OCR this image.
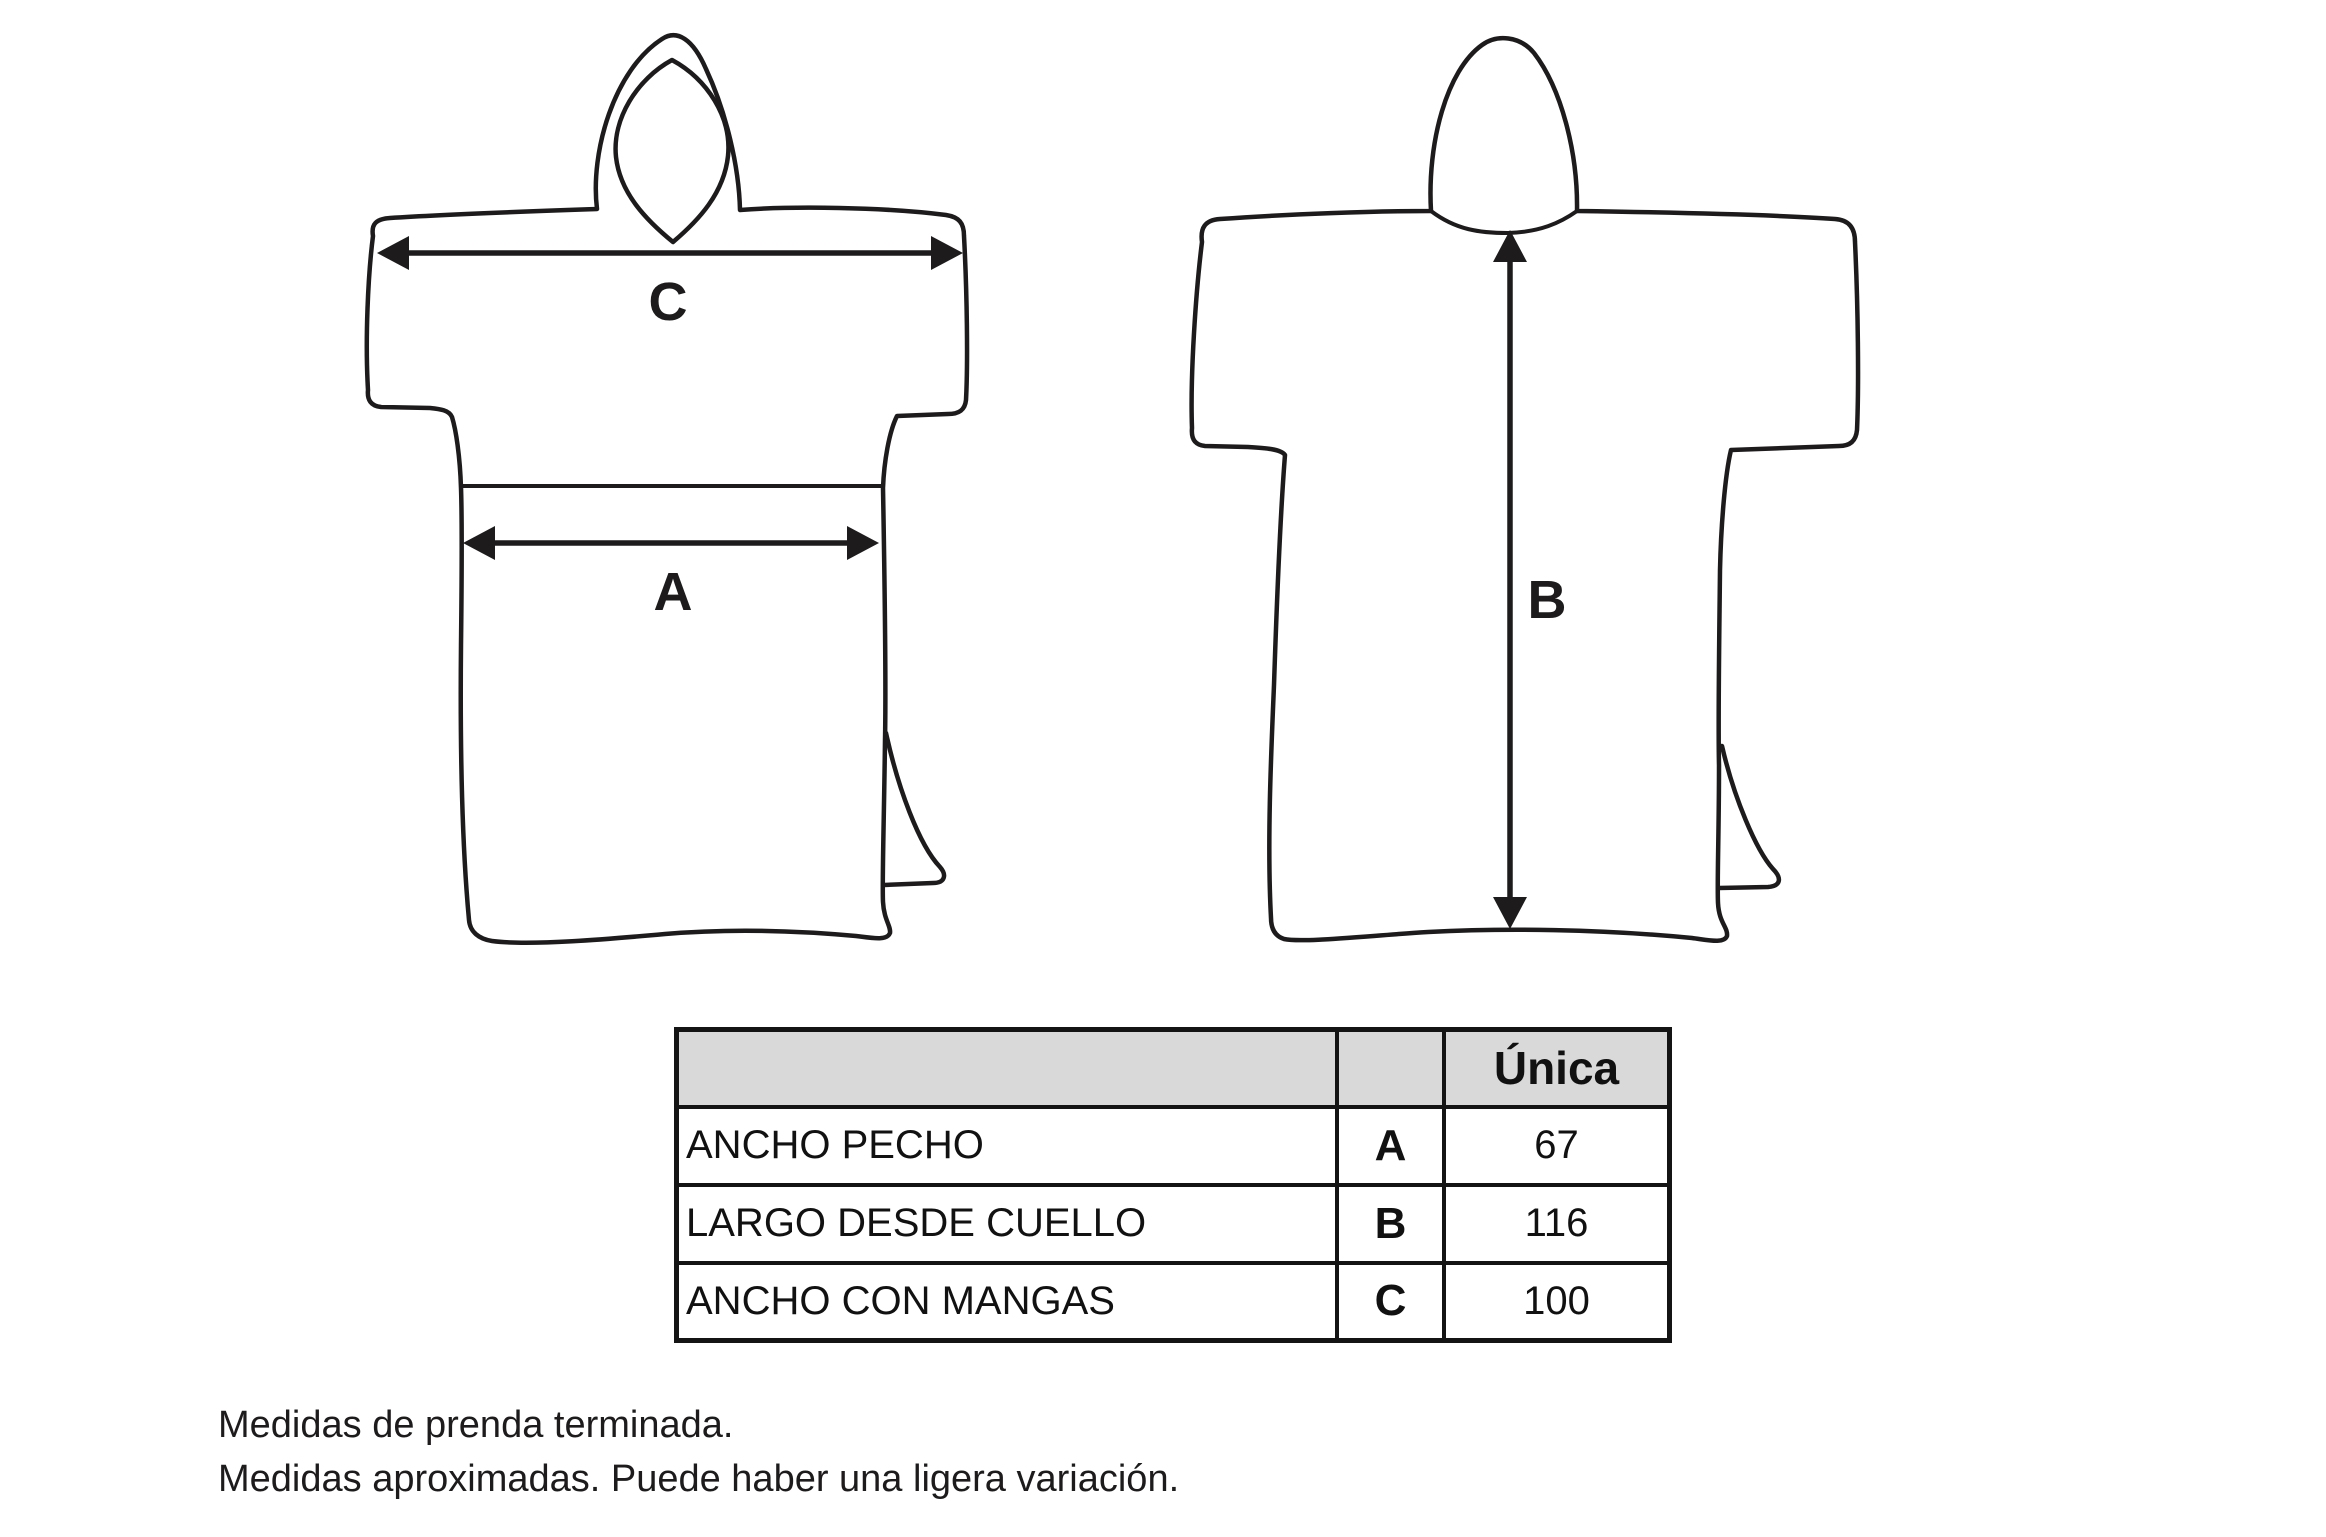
C
A	B
		Única
ANCHO PECHO	A	67
LARGO DESDE CUELLO	B	116
ANCHO CON MANGAS	C	100
Medidas de prenda terminada.
Medidas aproximadas. Puede haber una ligera variación.
